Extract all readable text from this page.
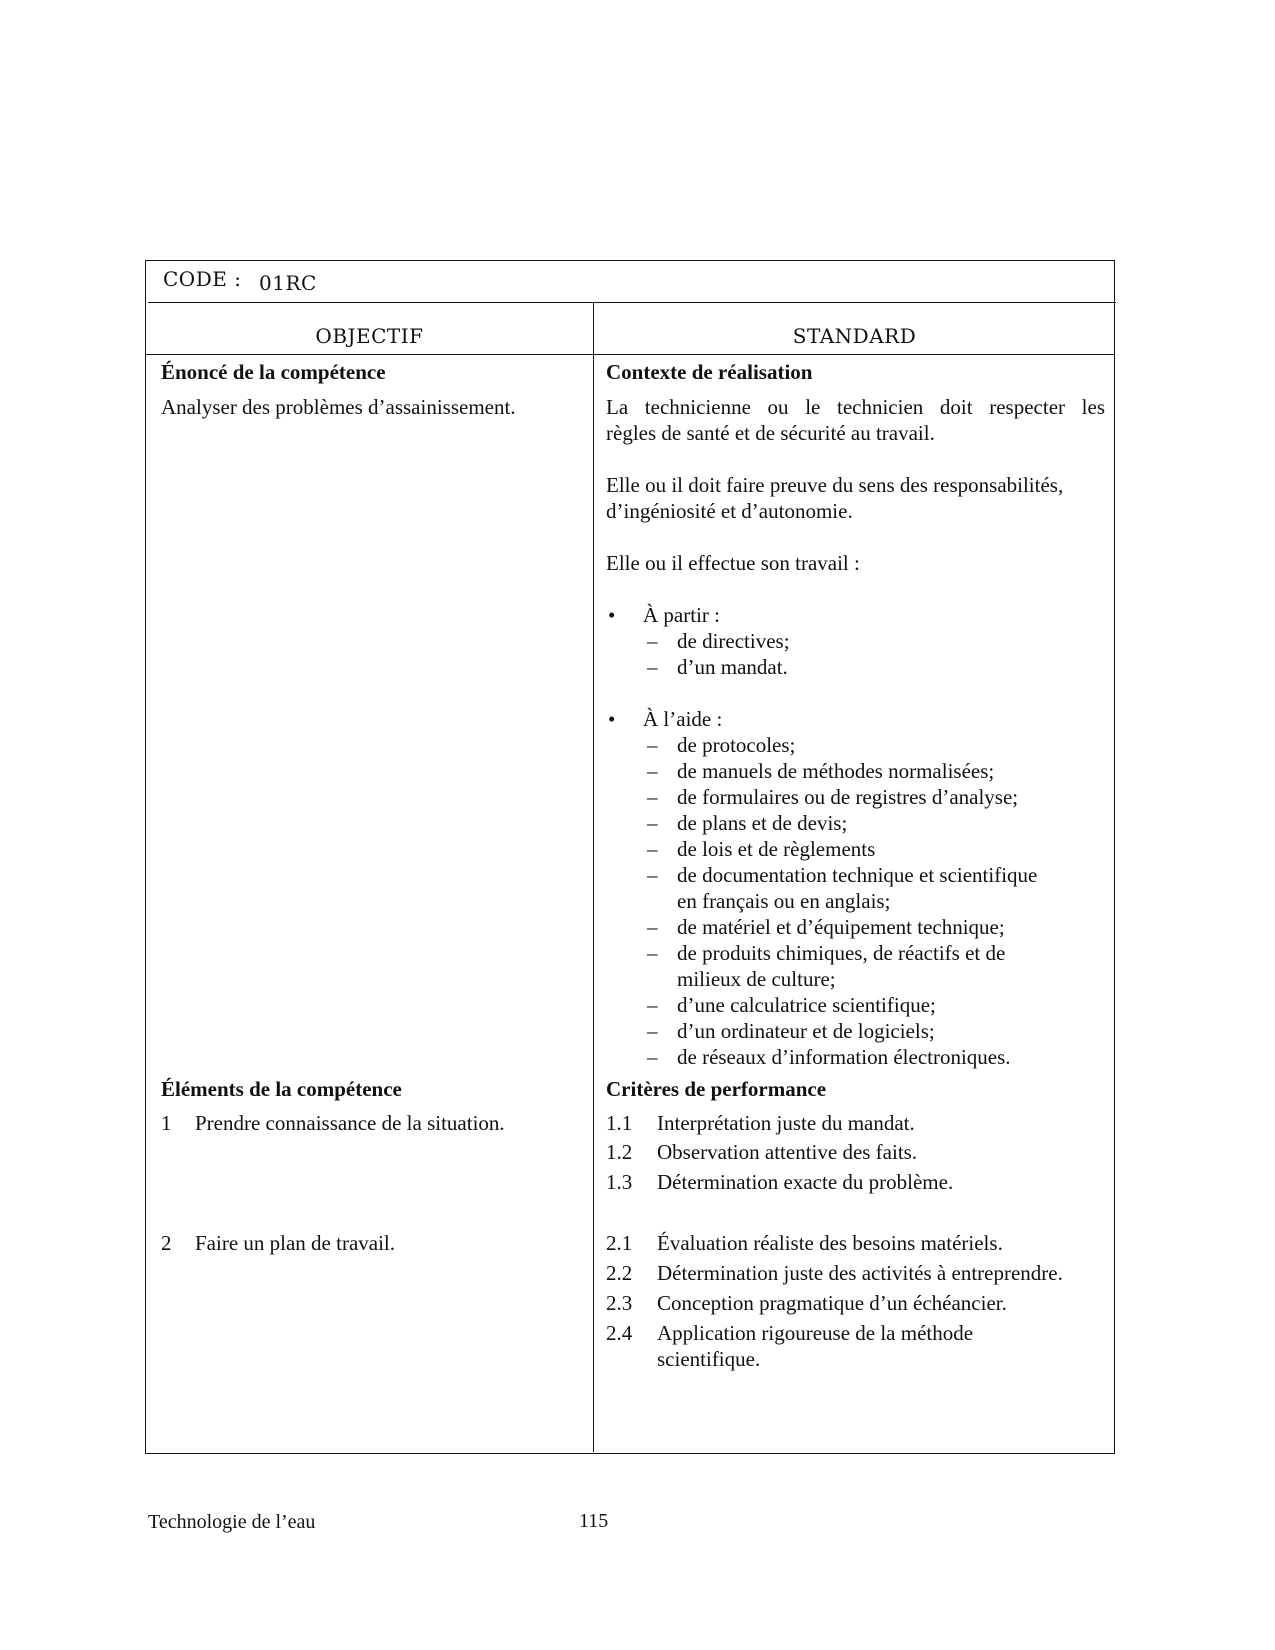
CODE : 01RC
OBJECTIF	STANDARD
Énoncé de la compétence
Analyser des problèmes d’assainissement.
Éléments de la compétence
1 Prendre connaissance de la situation.
2 Faire un plan de travail.
Contexte de réalisation
La technicienne ou le technicien doit respecter les
règles de santé et de sécurité au travail.
Elle ou il doit faire preuve du sens des responsabilités,
d’ingéniosité et d’autonomie.
Elle ou il effectue son travail :
• À partir :
– de directives;
– d’un mandat.
• À l’aide :
– de protocoles;
– de manuels de méthodes normalisées;
– de formulaires ou de registres d’analyse;
– de plans et de devis;
– de lois et de règlements
– de documentation technique et scientifique
en français ou en anglais;
– de matériel et d’équipement technique;
– de produits chimiques, de réactifs et de
milieux de culture;
– d’une calculatrice scientifique;
– d’un ordinateur et de logiciels;
– de réseaux d’information électroniques.
Critères de performance
1.1 Interprétation juste du mandat.
1.2 Observation attentive des faits.
1.3 Détermination exacte du problème.
2.1 Évaluation réaliste des besoins matériels.
2.2 Détermination juste des activités à entreprendre.
2.3 Conception pragmatique d’un échéancier.
2.4 Application rigoureuse de la méthode
scientifique.
Technologie de l’eau	115
